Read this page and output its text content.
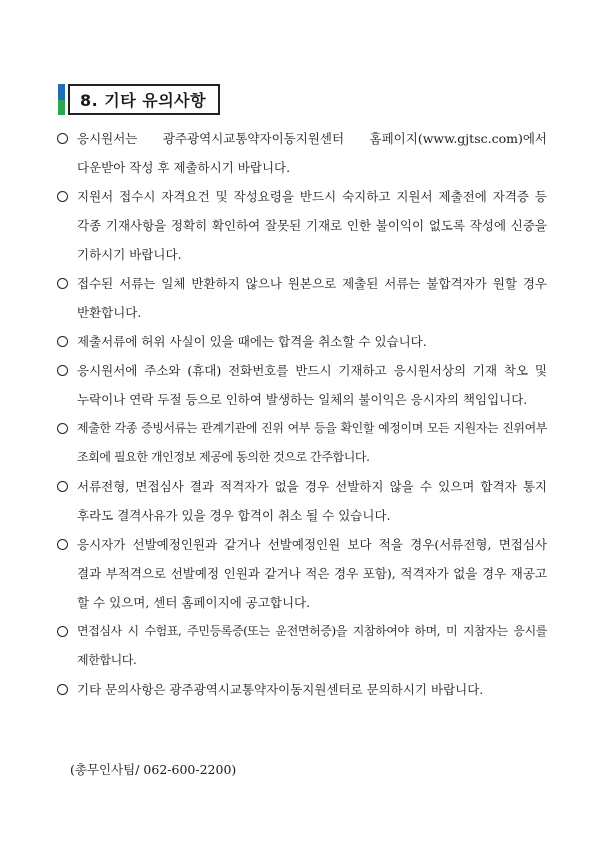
8. 기타 유의사항
응시원서는 광주광역시교통약자이동지원센터 홈페이지(www.gjtsc.com)에서 다운받아 작성 후 제출하시기 바랍니다.
지원서 접수시 자격요건 및 작성요령을 반드시 숙지하고 지원서 제출전에 자격증 등 각종 기재사항을 정확히 확인하여 잘못된 기재로 인한 불이익이 없도록 작성에 신중을 기하시기 바랍니다.
접수된 서류는 일체 반환하지 않으나 원본으로 제출된 서류는 불합격자가 원할 경우 반환합니다.
제출서류에 허위 사실이 있을 때에는 합격을 취소할 수 있습니다.
응시원서에 주소와 (휴대) 전화번호를 반드시 기재하고 응시원서상의 기재 착오 및 누락이나 연락 두절 등으로 인하여 발생하는 일체의 불이익은 응시자의 책임입니다.
제출한 각종 증빙서류는 관계기관에 진위 여부 등을 확인할 예정이며 모든 지원자는 진위여부 조회에 필요한 개인정보 제공에 동의한 것으로 간주합니다.
서류전형, 면접심사 결과 적격자가 없을 경우 선발하지 않을 수 있으며 합격자 통지 후라도 결격사유가 있을 경우 합격이 취소 될 수 있습니다.
응시자가 선발예정인원과 같거나 선발예정인원 보다 적을 경우(서류전형, 면접심사 결과 부적격으로 선발예정 인원과 같거나 적은 경우 포함), 적격자가 없을 경우 재공고 할 수 있으며, 센터 홈페이지에 공고합니다.
면접심사 시 수험표, 주민등록증(또는 운전면허증)을 지참하여야 하며, 미 지참자는 응시를 제한합니다.
기타 문의사항은 광주광역시교통약자이동지원센터로 문의하시기 바랍니다.
(총무인사팀/ 062-600-2200)
